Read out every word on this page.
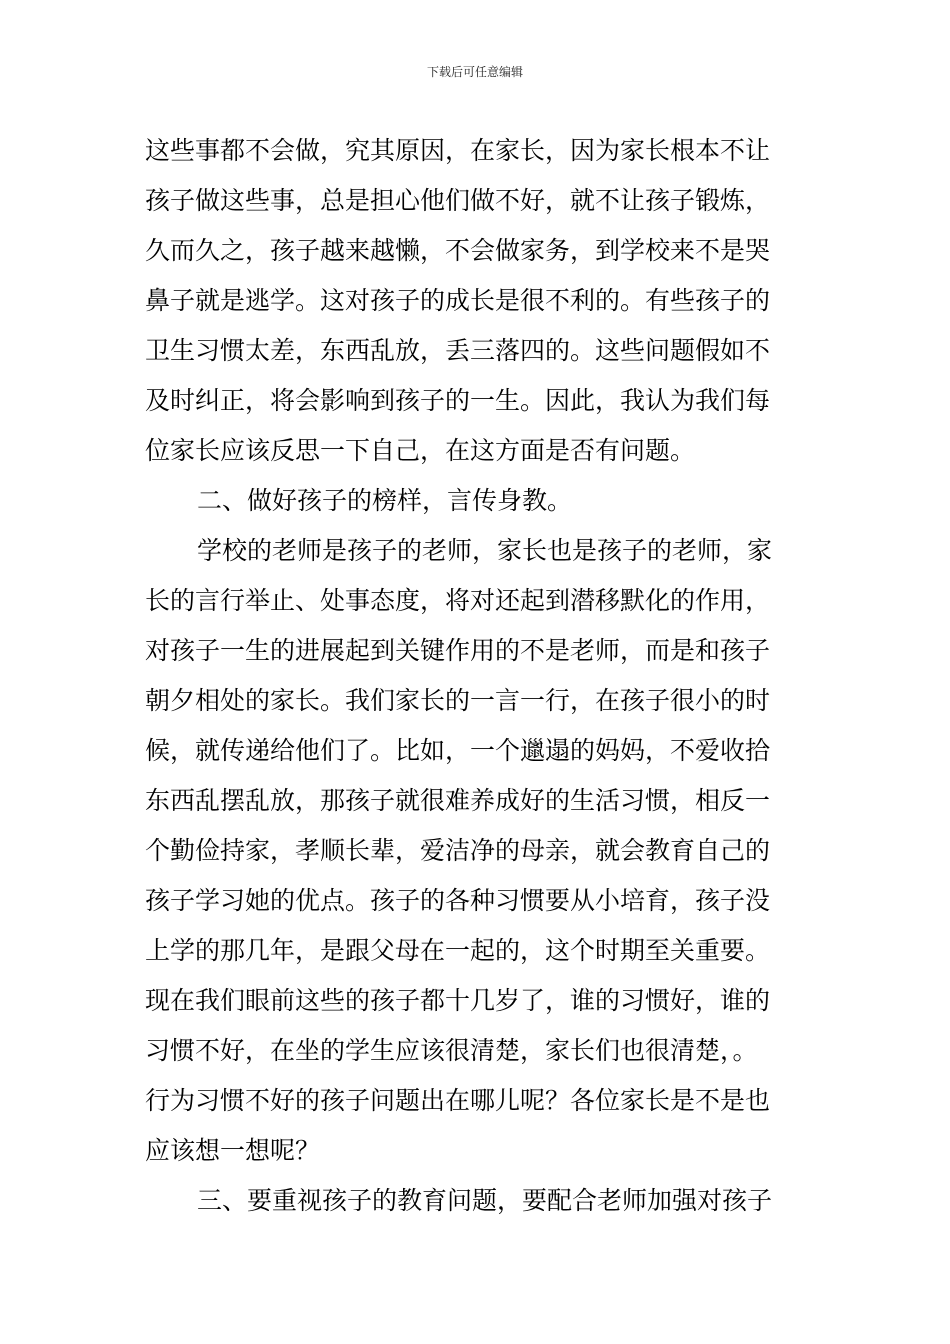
下载后可任意编辑
这些事都不会做，究其原因，在家长，因为家长根本不让
孩子做这些事，总是担心他们做不好，就不让孩子锻炼，
久而久之，孩子越来越懒，不会做家务，到学校来不是哭
鼻子就是逃学。这对孩子的成长是很不利的。有些孩子的
卫生习惯太差，东西乱放，丢三落四的。这些问题假如不
及时纠正，将会影响到孩子的一生。因此，我认为我们每
位家长应该反思一下自己，在这方面是否有问题。
二、做好孩子的榜样，言传身教。
学校的老师是孩子的老师，家长也是孩子的老师，家
长的言行举止、处事态度，将对还起到潜移默化的作用，
对孩子一生的进展起到关键作用的不是老师，而是和孩子
朝夕相处的家长。我们家长的一言一行，在孩子很小的时
候，就传递给他们了。比如，一个邋遢的妈妈，不爱收拾
东西乱摆乱放，那孩子就很难养成好的生活习惯，相反一
个勤俭持家，孝顺长辈，爱洁净的母亲，就会教育自己的
孩子学习她的优点。孩子的各种习惯要从小培育，孩子没
上学的那几年，是跟父母在一起的，这个时期至关重要。
现在我们眼前这些的孩子都十几岁了，谁的习惯好，谁的
习惯不好，在坐的学生应该很清楚，家长们也很清楚，。
行为习惯不好的孩子问题出在哪儿呢？各位家长是不是也
应该想一想呢？
三、要重视孩子的教育问题，要配合老师加强对孩子
